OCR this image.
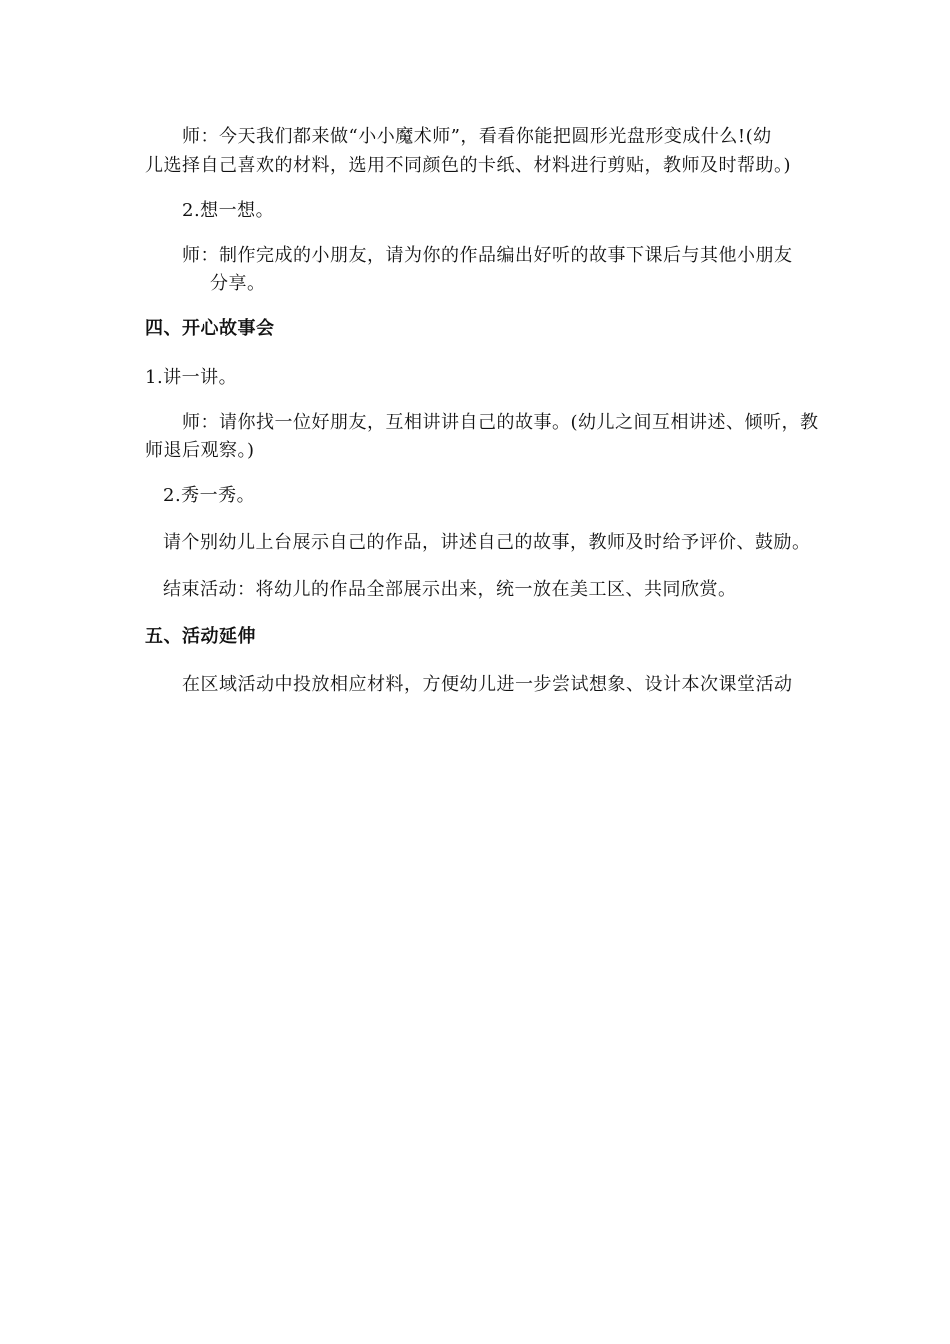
师：今天我们都来做“小小魔术师”，看看你能把圆形光盘形变成什么!(幼
儿选择自己喜欢的材料，选用不同颜色的卡纸、材料进行剪贴，教师及时帮助。)
2.想一想。
师：制作完成的小朋友，请为你的作品编出好听的故事下课后与其他小朋友
分享。
四、开心故事会
1.讲一讲。
师：请你找一位好朋友，互相讲讲自己的故事。(幼儿之间互相讲述、倾听，教
师退后观察。)
2.秀一秀。
请个别幼儿上台展示自己的作品，讲述自己的故事，教师及时给予评价、鼓励。
结束活动：将幼儿的作品全部展示出来，统一放在美工区、共同欣赏。
五、活动延伸
在区域活动中投放相应材料，方便幼儿进一步尝试想象、设计本次课堂活动
